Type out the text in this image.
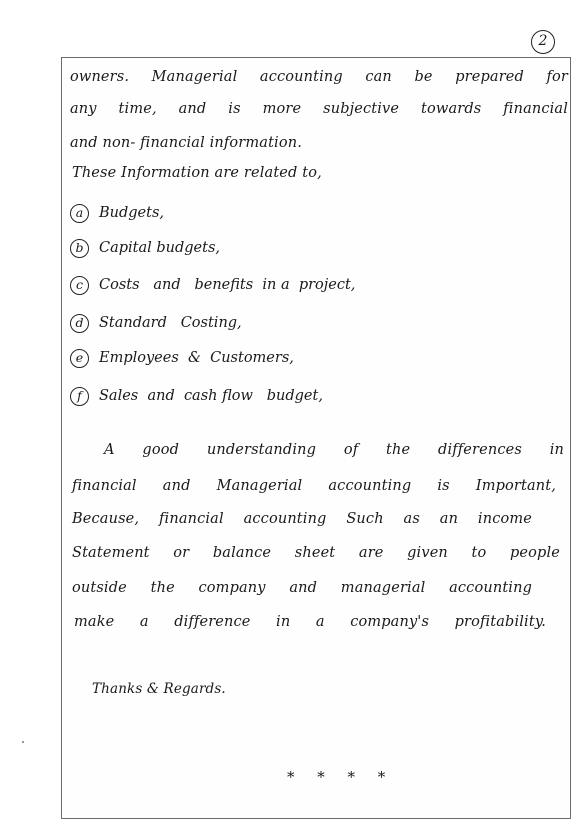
2
owners. Managerial accounting can be prepared for
any time, and is more subjective towards financial
and non- financial information.
These Information are related to,
a	Budgets,
b	Capital budgets,
c	Costs   and   benefits  in a  project,
d	Standard   Costing,
e	Employees  &  Customers,
f	Sales  and  cash flow   budget,
A good understanding of the differences in
financial and Managerial accounting is Important,
Because, financial accounting Such as an income
Statement or balance sheet are given to people
outside the company and managerial accounting
make a difference in a company's profitability.
Thanks & Regards.
* * * *
